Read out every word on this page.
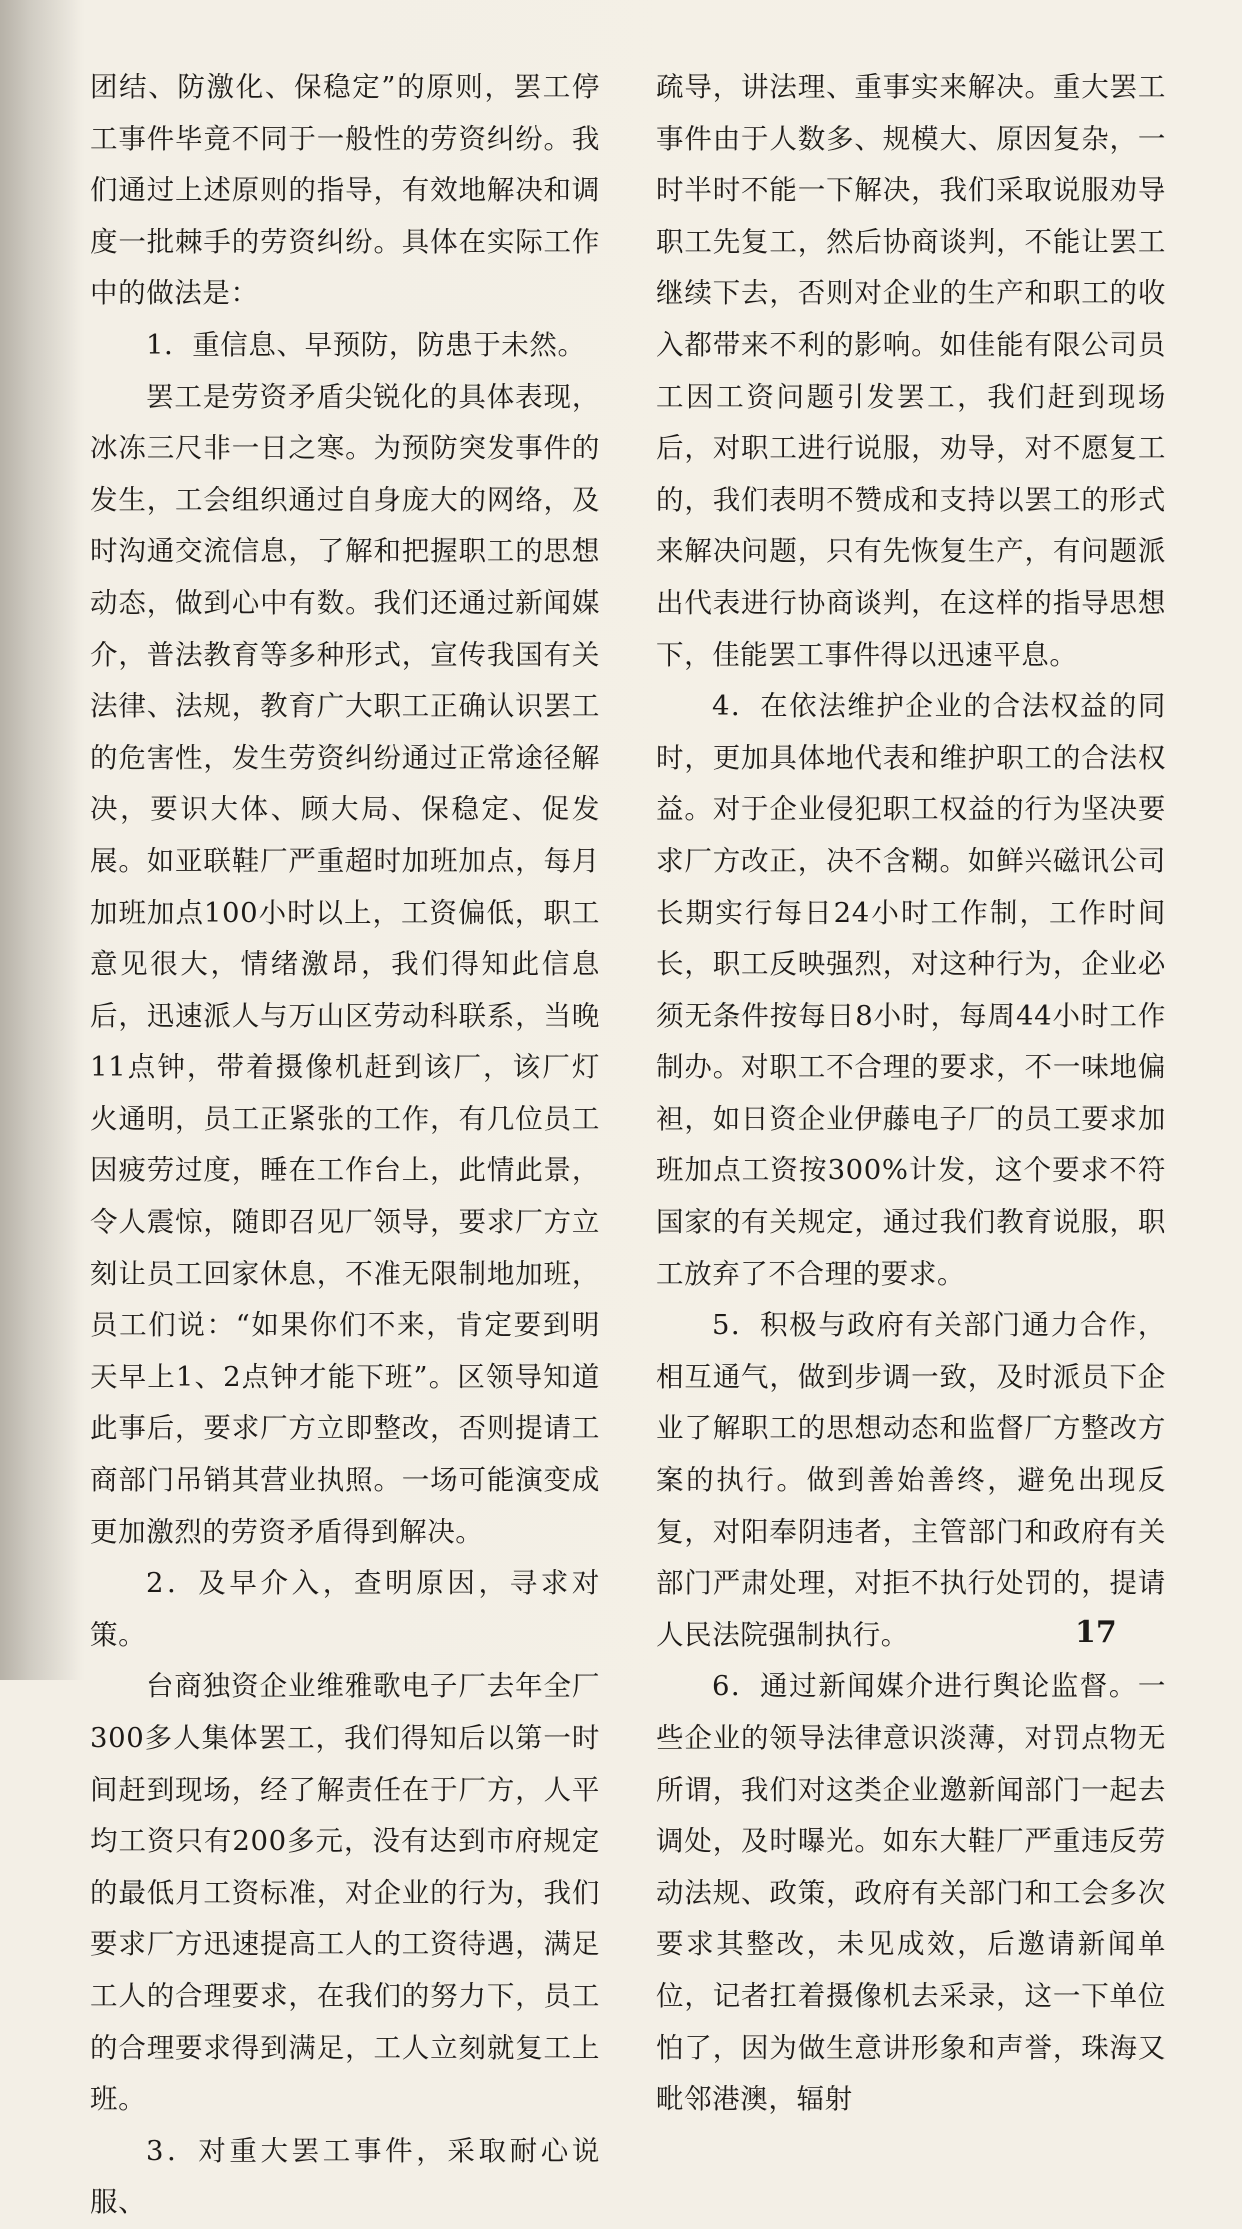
团结、防激化、保稳定”的原则，罢工停工事件毕竟不同于一般性的劳资纠纷。我们通过上述原则的指导，有效地解决和调度一批棘手的劳资纠纷。具体在实际工作中的做法是：

1．重信息、早预防，防患于未然。

罢工是劳资矛盾尖锐化的具体表现，冰冻三尺非一日之寒。为预防突发事件的发生，工会组织通过自身庞大的网络，及时沟通交流信息，了解和把握职工的思想动态，做到心中有数。我们还通过新闻媒介，普法教育等多种形式，宣传我国有关法律、法规，教育广大职工正确认识罢工的危害性，发生劳资纠纷通过正常途径解决，要识大体、顾大局、保稳定、促发展。如亚联鞋厂严重超时加班加点，每月加班加点100小时以上，工资偏低，职工意见很大，情绪激昂，我们得知此信息后，迅速派人与万山区劳动科联系，当晚11点钟，带着摄像机赶到该厂，该厂灯火通明，员工正紧张的工作，有几位员工因疲劳过度，睡在工作台上，此情此景，令人震惊，随即召见厂领导，要求厂方立刻让员工回家休息，不准无限制地加班，员工们说：“如果你们不来，肯定要到明天早上1、2点钟才能下班”。区领导知道此事后，要求厂方立即整改，否则提请工商部门吊销其营业执照。一场可能演变成更加激烈的劳资矛盾得到解决。

2．及早介入，查明原因，寻求对策。

台商独资企业维雅歌电子厂去年全厂300多人集体罢工，我们得知后以第一时间赶到现场，经了解责任在于厂方，人平均工资只有200多元，没有达到市府规定的最低月工资标准，对企业的行为，我们要求厂方迅速提高工人的工资待遇，满足工人的合理要求，在我们的努力下，员工的合理要求得到满足，工人立刻就复工上班。

3．对重大罢工事件，采取耐心说服、

疏导，讲法理、重事实来解决。重大罢工事件由于人数多、规模大、原因复杂，一时半时不能一下解决，我们采取说服劝导职工先复工，然后协商谈判，不能让罢工继续下去，否则对企业的生产和职工的收入都带来不利的影响。如佳能有限公司员工因工资问题引发罢工，我们赶到现场后，对职工进行说服，劝导，对不愿复工的，我们表明不赞成和支持以罢工的形式来解决问题，只有先恢复生产，有问题派出代表进行协商谈判，在这样的指导思想下，佳能罢工事件得以迅速平息。

4．在依法维护企业的合法权益的同时，更加具体地代表和维护职工的合法权益。对于企业侵犯职工权益的行为坚决要求厂方改正，决不含糊。如鲜兴磁讯公司长期实行每日24小时工作制，工作时间长，职工反映强烈，对这种行为，企业必须无条件按每日8小时，每周44小时工作制办。对职工不合理的要求，不一味地偏袒，如日资企业伊藤电子厂的员工要求加班加点工资按300%计发，这个要求不符国家的有关规定，通过我们教育说服，职工放弃了不合理的要求。

5．积极与政府有关部门通力合作，相互通气，做到步调一致，及时派员下企业了解职工的思想动态和监督厂方整改方案的执行。做到善始善终，避免出现反复，对阳奉阴违者，主管部门和政府有关部门严肃处理，对拒不执行处罚的，提请人民法院强制执行。

6．通过新闻媒介进行舆论监督。一些企业的领导法律意识淡薄，对罚点物无所谓，我们对这类企业邀新闻部门一起去调处，及时曝光。如东大鞋厂严重违反劳动法规、政策，政府有关部门和工会多次要求其整改，未见成效，后邀请新闻单位，记者扛着摄像机去采录，这一下单位怕了，因为做生意讲形象和声誉，珠海又毗邻港澳，辐射

17
